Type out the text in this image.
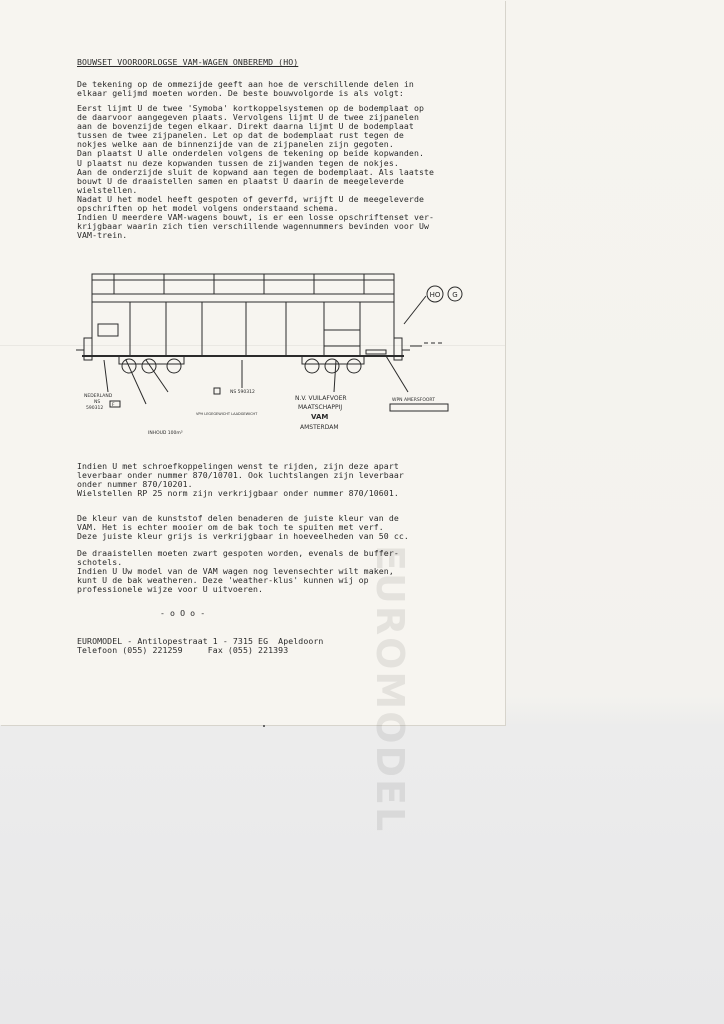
EUROMODEL
BOUWSET VOOROORLOGSE VAM-WAGEN ONBEREMD (HO)
De tekening op de ommezijde geeft aan hoe de verschillende delen in
elkaar gelijmd moeten worden. De beste bouwvolgorde is als volgt:
Eerst lijmt U de twee 'Symoba' kortkoppelsystemen op de bodemplaat op
de daarvoor aangegeven plaats. Vervolgens lijmt U de twee zijpanelen
aan de bovenzijde tegen elkaar. Direkt daarna lijmt U de bodemplaat
tussen de twee zijpanelen. Let op dat de bodemplaat rust tegen de
nokjes welke aan de binnenzijde van de zijpanelen zijn gegoten.
Dan plaatst U alle onderdelen volgens de tekening op beide kopwanden.
U plaatst nu deze kopwanden tussen de zijwanden tegen de nokjes.
Aan de onderzijde sluit de kopwand aan tegen de bodemplaat. Als laatste
bouwt U de draaistellen samen en plaatst U daarin de meegeleverde
wielstellen.
Nadat U het model heeft gespoten of geverfd, wrijft U de meegeleverde
opschriften op het model volgens onderstaand schema.
Indien U meerdere VAM-wagens bouwt, is er een losse opschriftenset ver-
krijgbaar waarin zich tien verschillende wagennummers bevinden voor Uw
VAM-trein.
HO G
NEDERLAND
NS
590312
F
INHOUD 100m³
VPH LEGEGEWICHT LAADGEWICHT
NS 590312
N.V. VUILAFVOER
MAATSCHAPPIJ
VAM
AMSTERDAM
WPN AMERSFOORT
Indien U met schroefkoppelingen wenst te rijden, zijn deze apart
leverbaar onder nummer 870/10701. Ook luchtslangen zijn leverbaar
onder nummer 870/10201.
Wielstellen RP 25 norm zijn verkrijgbaar onder nummer 870/10601.
De kleur van de kunststof delen benaderen de juiste kleur van de
VAM. Het is echter mooier om de bak toch te spuiten met verf.
Deze juiste kleur grijs is verkrijgbaar in hoeveelheden van 50 cc.
De draaistellen moeten zwart gespoten worden, evenals de buffer-
schotels.
Indien U Uw model van de VAM wagen nog levensechter wilt maken,
kunt U de bak weatheren. Deze 'weather-klus' kunnen wij op
professionele wijze voor U uitvoeren.
- o O o -
EUROMODEL - Antilopestraat 1 - 7315 EG  Apeldoorn
Telefoon (055) 221259     Fax (055) 221393
